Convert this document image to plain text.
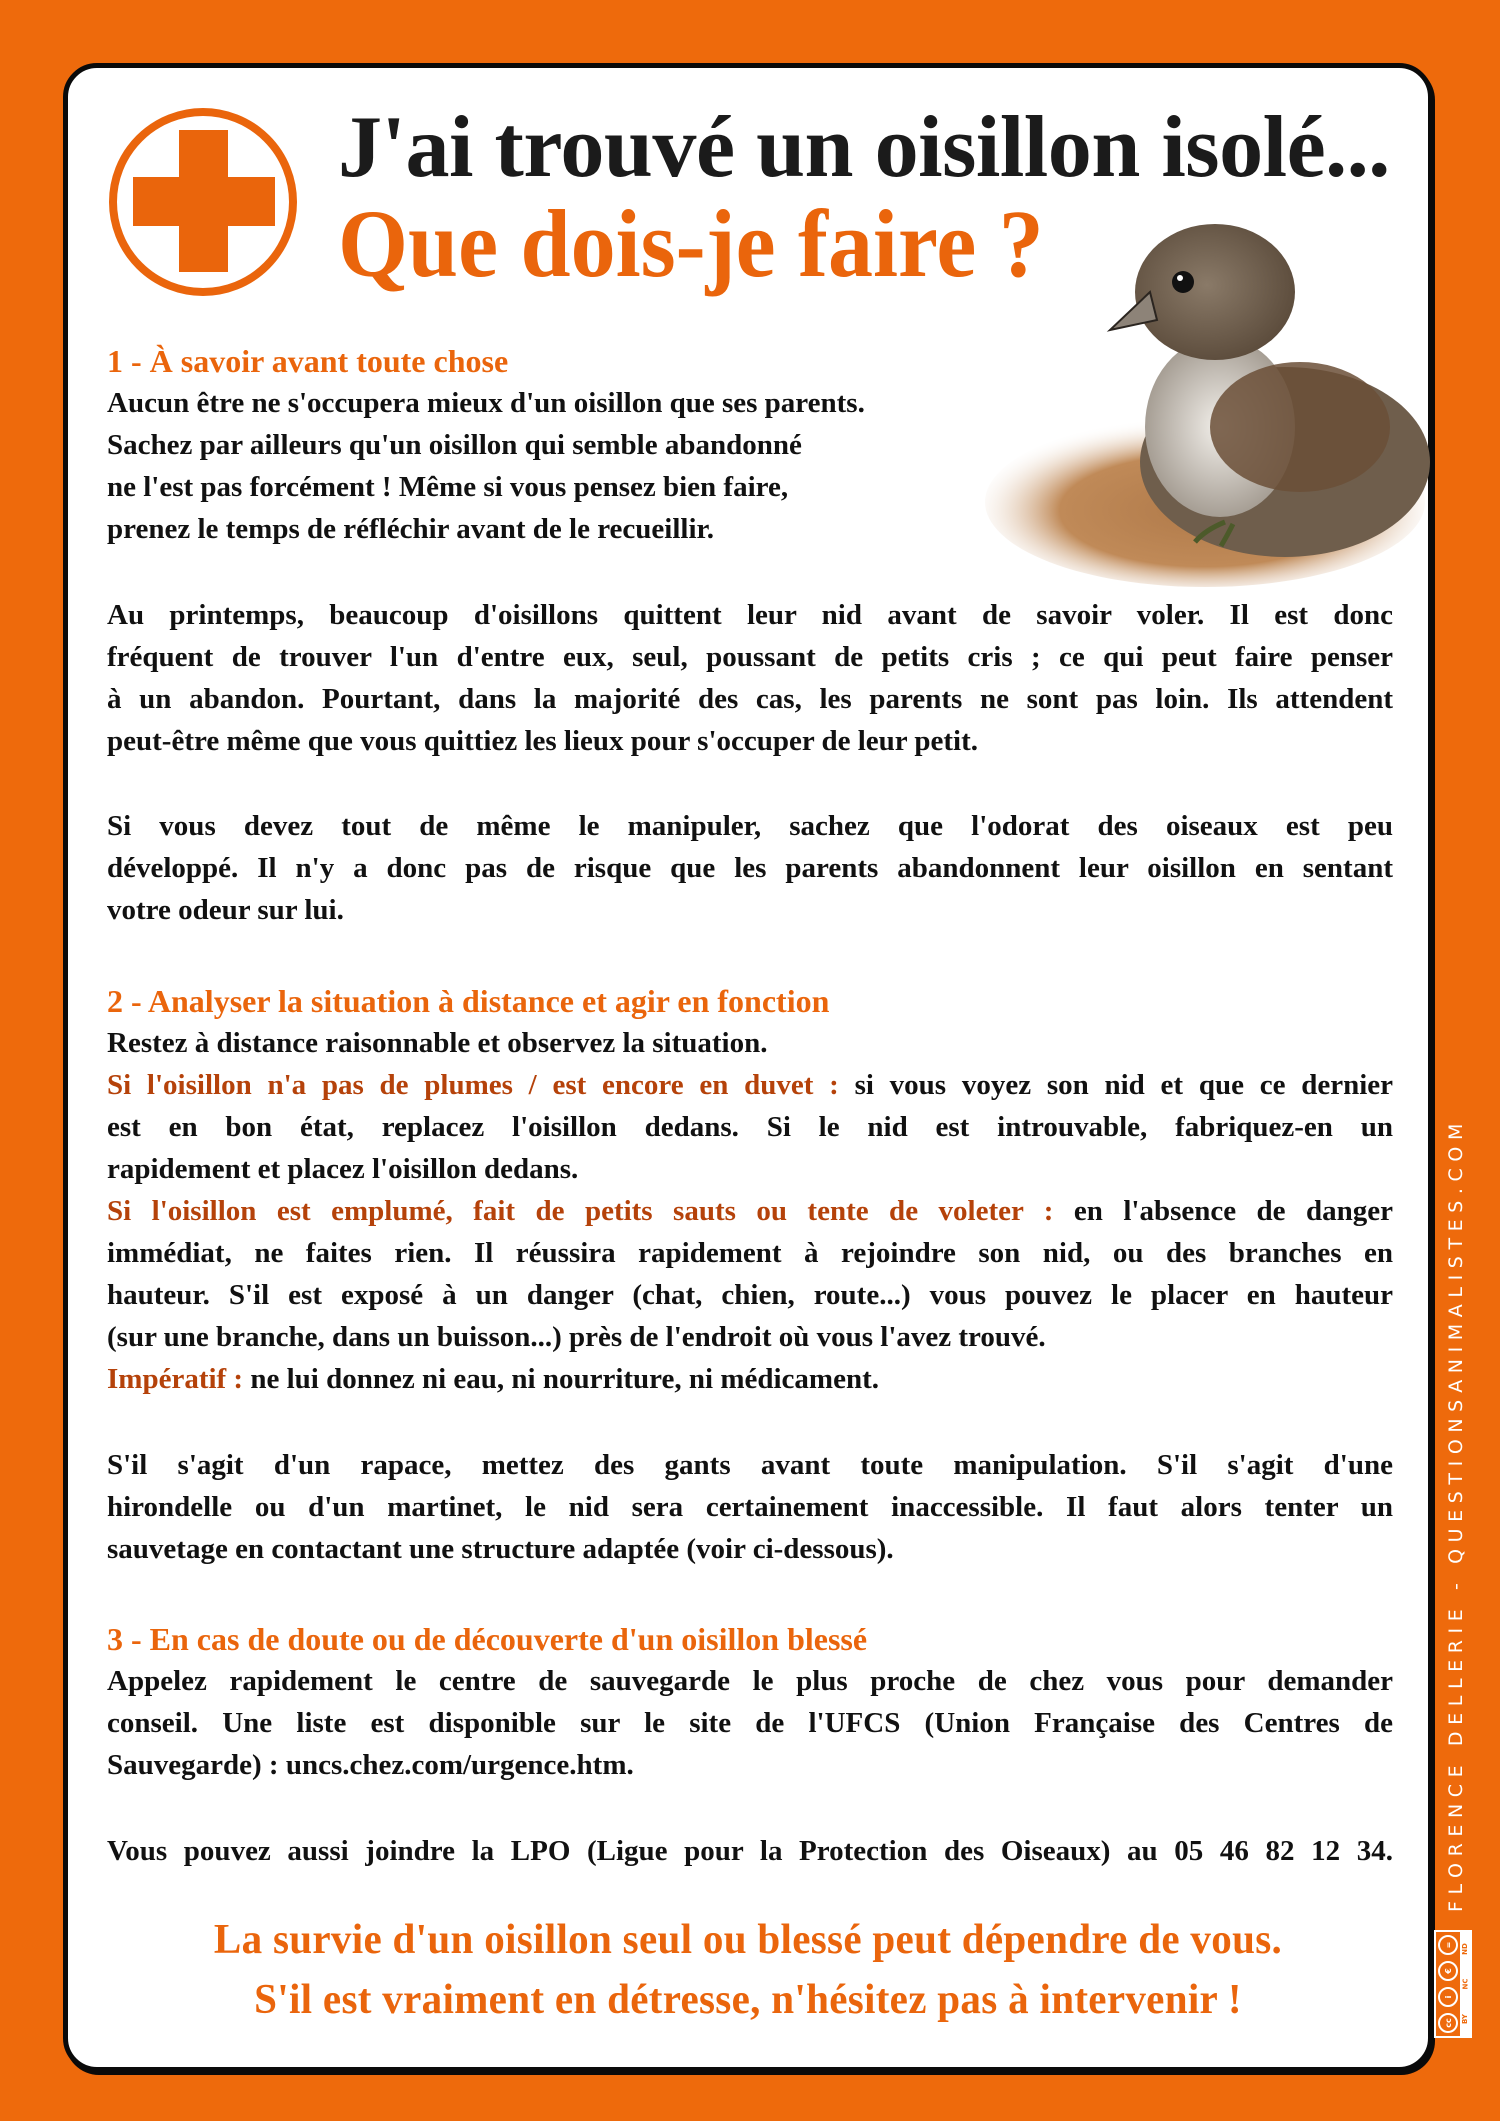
J'ai trouvé un oisillon isolé...
Que dois-je faire ?
1 - À savoir avant toute chose
Aucun être ne s'occupera mieux d'un oisillon que ses parents.
Sachez par ailleurs qu'un oisillon qui semble abandonné
ne l'est pas forcément ! Même si vous pensez bien faire,
prenez le temps de réfléchir avant de le recueillir.
Au printemps, beaucoup d'oisillons quittent leur nid avant de savoir voler. Il est donc
fréquent de trouver l'un d'entre eux, seul, poussant de petits cris ; ce qui peut faire penser
à un abandon. Pourtant, dans la majorité des cas, les parents ne sont pas loin. Ils attendent
peut-être même que vous quittiez les lieux pour s'occuper de leur petit.
Si vous devez tout de même le manipuler, sachez que l'odorat des oiseaux est peu
développé. Il n'y a donc pas de risque que les parents abandonnent leur oisillon en sentant
votre odeur sur lui.
2 - Analyser la situation à distance et agir en fonction
Restez à distance raisonnable et observez la situation.
Si l'oisillon n'a pas de plumes / est encore en duvet : si vous voyez son nid et que ce dernier
est en bon état, replacez l'oisillon dedans. Si le nid est introuvable, fabriquez-en un
rapidement et placez l'oisillon dedans.
Si l'oisillon est emplumé, fait de petits sauts ou tente de voleter : en l'absence de danger
immédiat, ne faites rien. Il réussira rapidement à rejoindre son nid, ou des branches en
hauteur. S'il est exposé à un danger (chat, chien, route...) vous pouvez le placer en hauteur
(sur une branche, dans un buisson...) près de l'endroit où vous l'avez trouvé.
Impératif : ne lui donnez ni eau, ni nourriture, ni médicament.
S'il s'agit d'un rapace, mettez des gants avant toute manipulation. S'il s'agit d'une
hirondelle ou d'un martinet, le nid sera certainement inaccessible. Il faut alors tenter un
sauvetage en contactant une structure adaptée (voir ci-dessous).
3 - En cas de doute ou de découverte d'un oisillon blessé
Appelez rapidement le centre de sauvegarde le plus proche de chez vous pour demander
conseil. Une liste est disponible sur le site de l'UFCS (Union Française des Centres de
Sauvegarde) : uncs.chez.com/urgence.htm.
Vous pouvez aussi joindre la LPO (Ligue pour la Protection des Oiseaux) au 05 46 82 12 34.
La survie d'un oisillon seul ou blessé peut dépendre de vous.
S'il est vraiment en détresse, n'hésitez pas à intervenir !
FLORENCE DELLERIE - QUESTIONSANIMALISTES.COM
=
€
i
cc
ND
NC
BY
